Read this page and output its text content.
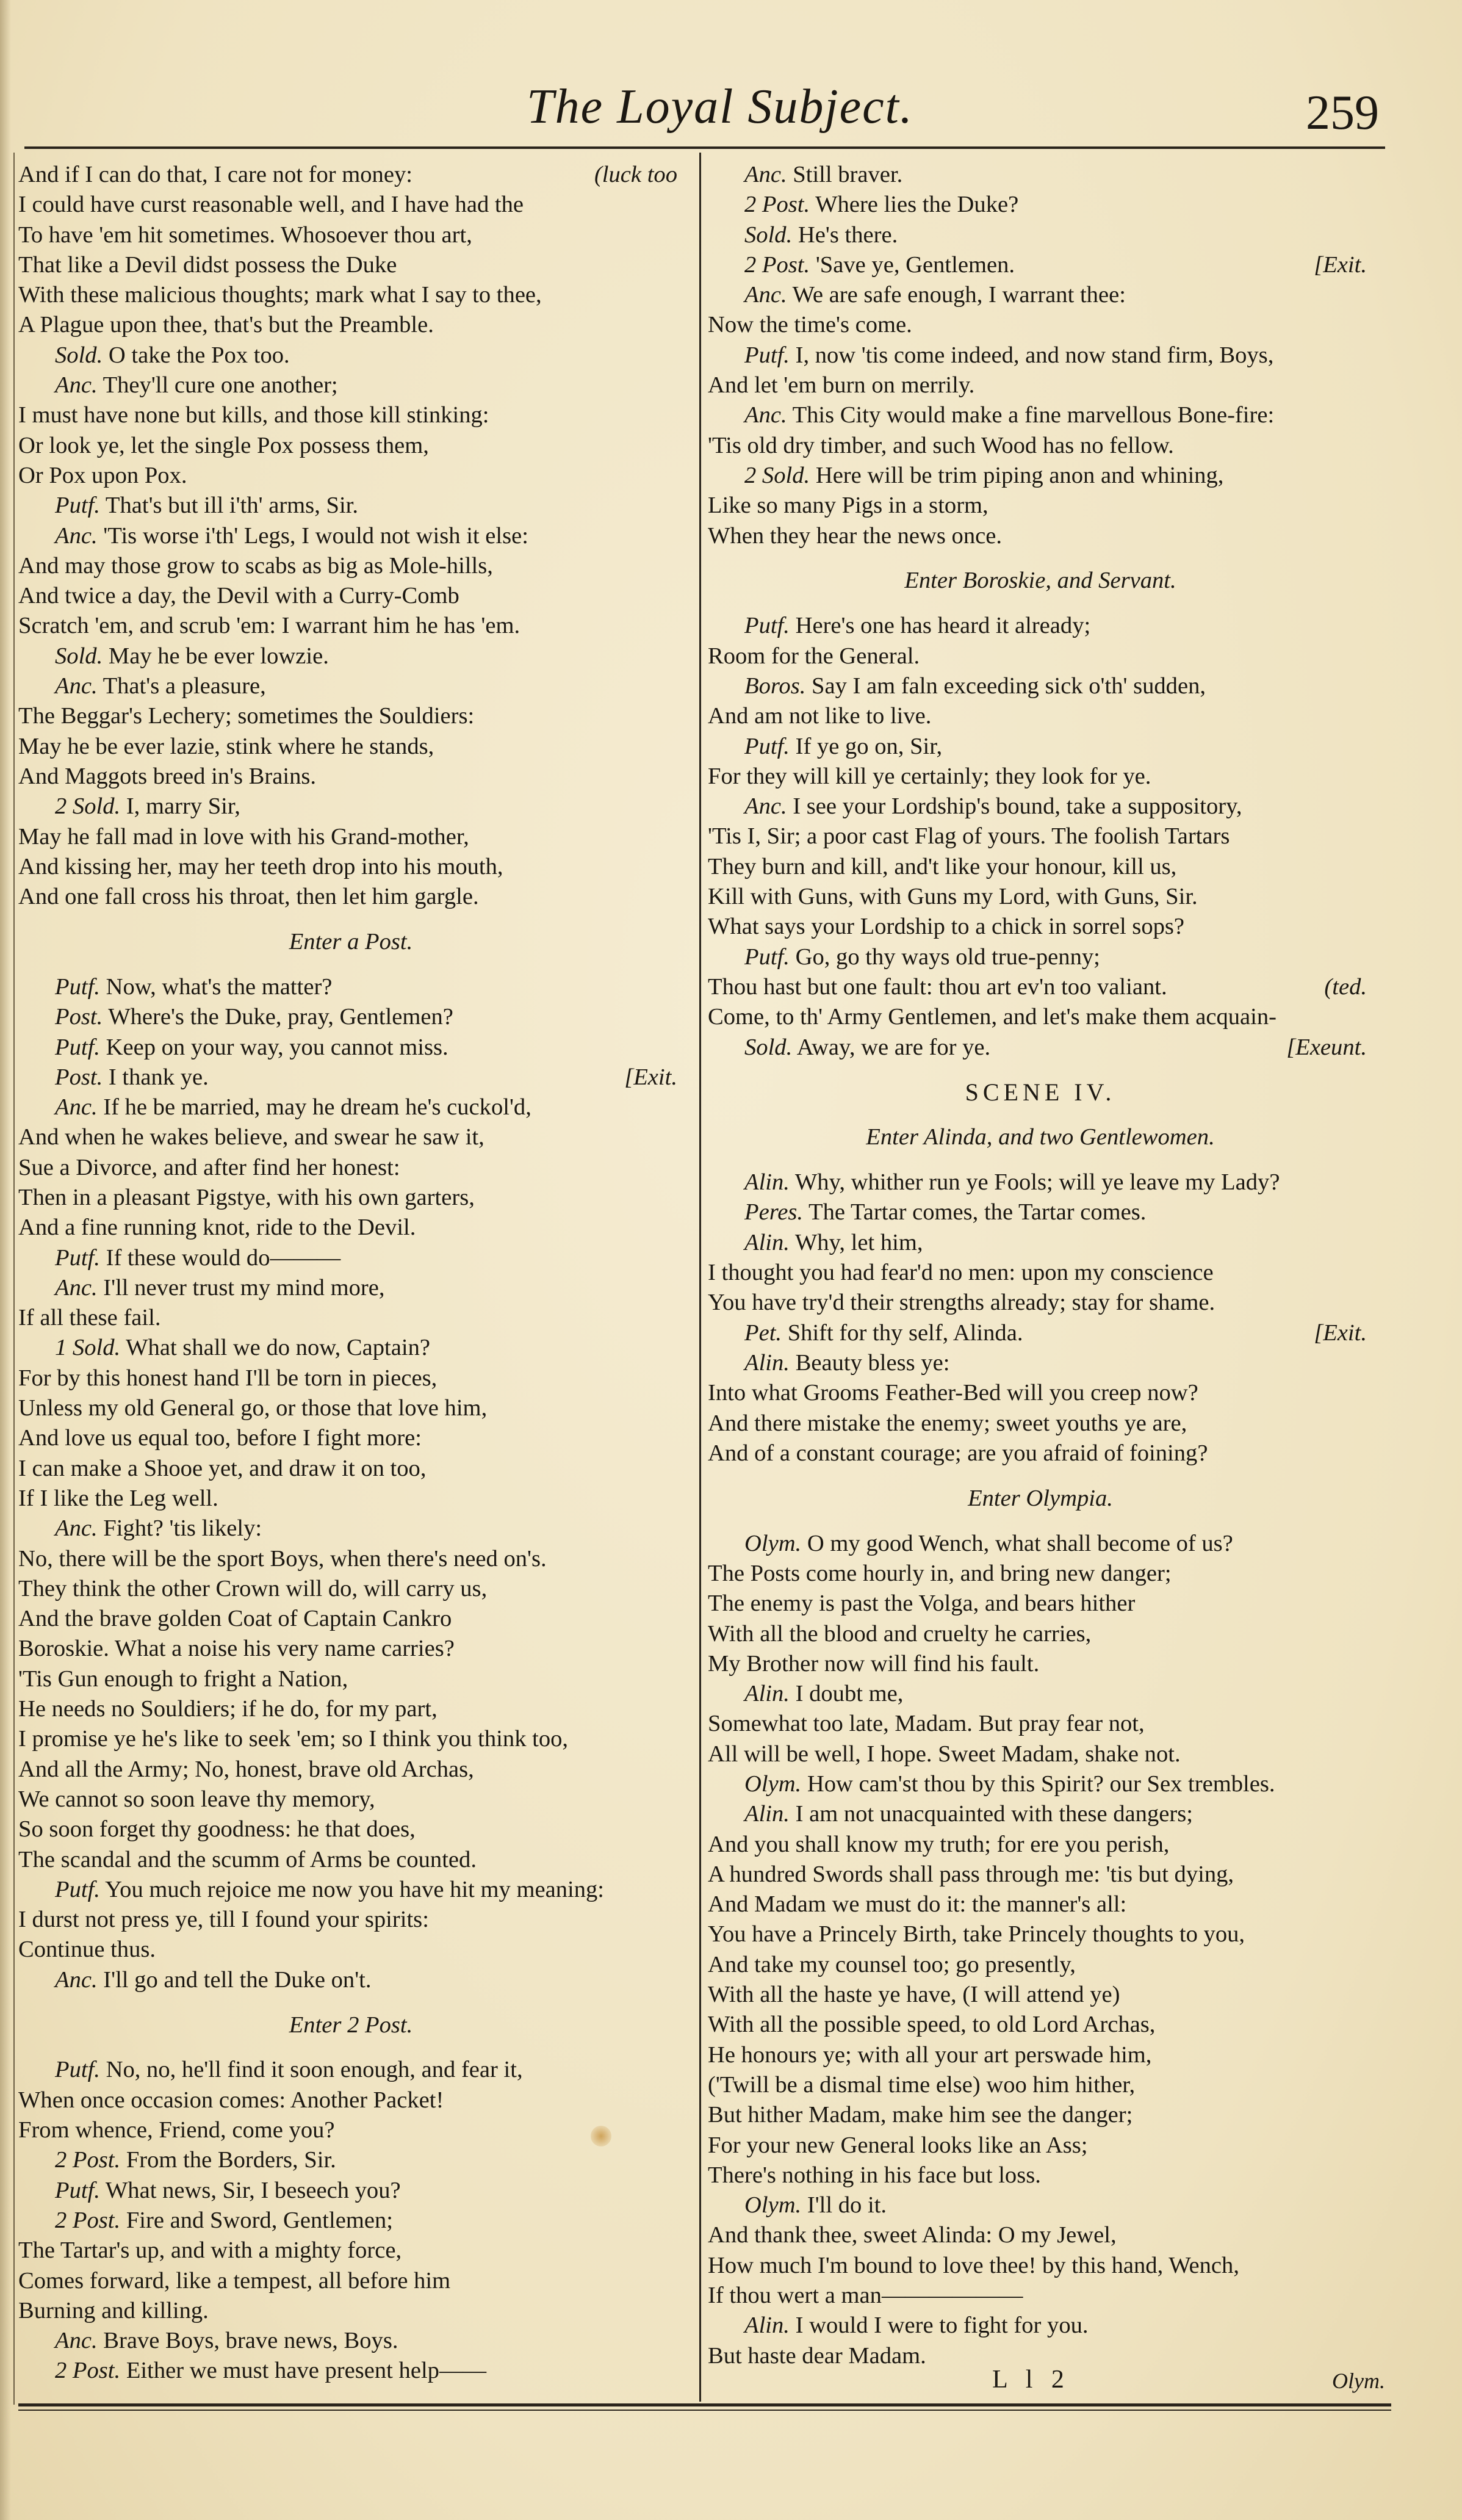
The Loyal Subject.	259
And if I can do that, I care not for money:	(luck too
I could have curst reasonable well, and I have had the
To have 'em hit sometimes. Whosoever thou art,
That like a Devil didst possess the Duke
With these malicious thoughts; mark what I say to thee,
A Plague upon thee, that's but the Preamble.
Sold. O take the Pox too.
Anc. They'll cure one another;
I must have none but kills, and those kill stinking:
Or look ye, let the single Pox possess them,
Or Pox upon Pox.
Putf. That's but ill i'th' arms, Sir.
Anc. 'Tis worse i'th' Legs, I would not wish it else:
And may those grow to scabs as big as Mole-hills,
And twice a day, the Devil with a Curry-Comb
Scratch 'em, and scrub 'em: I warrant him he has 'em.
Sold. May he be ever lowzie.
Anc. That's a pleasure,
The Beggar's Lechery; sometimes the Souldiers:
May he be ever lazie, stink where he stands,
And Maggots breed in's Brains.
2 Sold. I, marry Sir,
May he fall mad in love with his Grand-mother,
And kissing her, may her teeth drop into his mouth,
And one fall cross his throat, then let him gargle.
Enter a Post.
Putf. Now, what's the matter?
Post. Where's the Duke, pray, Gentlemen?
Putf. Keep on your way, you cannot miss.
Post. I thank ye.	[Exit.
Anc. If he be married, may he dream he's cuckol'd,
And when he wakes believe, and swear he saw it,
Sue a Divorce, and after find her honest:
Then in a pleasant Pigstye, with his own garters,
And a fine running knot, ride to the Devil.
Putf. If these would do———
Anc. I'll never trust my mind more,
If all these fail.
1 Sold. What shall we do now, Captain?
For by this honest hand I'll be torn in pieces,
Unless my old General go, or those that love him,
And love us equal too, before I fight more:
I can make a Shooe yet, and draw it on too,
If I like the Leg well.
Anc. Fight? 'tis likely:
No, there will be the sport Boys, when there's need on's.
They think the other Crown will do, will carry us,
And the brave golden Coat of Captain Cankro
Boroskie. What a noise his very name carries?
'Tis Gun enough to fright a Nation,
He needs no Souldiers; if he do, for my part,
I promise ye he's like to seek 'em; so I think you think too,
And all the Army; No, honest, brave old Archas,
We cannot so soon leave thy memory,
So soon forget thy goodness: he that does,
The scandal and the scumm of Arms be counted.
Putf. You much rejoice me now you have hit my meaning:
I durst not press ye, till I found your spirits:
Continue thus.
Anc. I'll go and tell the Duke on't.
Enter 2 Post.
Putf. No, no, he'll find it soon enough, and fear it,
When once occasion comes: Another Packet!
From whence, Friend, come you?
2 Post. From the Borders, Sir.
Putf. What news, Sir, I beseech you?
2 Post. Fire and Sword, Gentlemen;
The Tartar's up, and with a mighty force,
Comes forward, like a tempest, all before him
Burning and killing.
Anc. Brave Boys, brave news, Boys.
2 Post. Either we must have present help——
Anc. Still braver.
2 Post. Where lies the Duke?
Sold. He's there.
2 Post. 'Save ye, Gentlemen.	[Exit.
Anc. We are safe enough, I warrant thee:
Now the time's come.
Putf. I, now 'tis come indeed, and now stand firm, Boys,
And let 'em burn on merrily.
Anc. This City would make a fine marvellous Bone-fire:
'Tis old dry timber, and such Wood has no fellow.
2 Sold. Here will be trim piping anon and whining,
Like so many Pigs in a storm,
When they hear the news once.
Enter Boroskie, and Servant.
Putf. Here's one has heard it already;
Room for the General.
Boros. Say I am faln exceeding sick o'th' sudden,
And am not like to live.
Putf. If ye go on, Sir,
For they will kill ye certainly; they look for ye.
Anc. I see your Lordship's bound, take a suppository,
'Tis I, Sir; a poor cast Flag of yours. The foolish Tartars
They burn and kill, and't like your honour, kill us,
Kill with Guns, with Guns my Lord, with Guns, Sir.
What says your Lordship to a chick in sorrel sops?
Putf. Go, go thy ways old true-penny;
Thou hast but one fault: thou art ev'n too valiant.	(ted.
Come, to th' Army Gentlemen, and let's make them acquain-
Sold. Away, we are for ye.	[Exeunt.
SCENE IV.
Enter Alinda, and two Gentlewomen.
Alin. Why, whither run ye Fools; will ye leave my Lady?
Peres. The Tartar comes, the Tartar comes.
Alin. Why, let him,
I thought you had fear'd no men: upon my conscience
You have try'd their strengths already; stay for shame.
Pet. Shift for thy self, Alinda.	[Exit.
Alin. Beauty bless ye:
Into what Grooms Feather-Bed will you creep now?
And there mistake the enemy; sweet youths ye are,
And of a constant courage; are you afraid of foining?
Enter Olympia.
Olym. O my good Wench, what shall become of us?
The Posts come hourly in, and bring new danger;
The enemy is past the Volga, and bears hither
With all the blood and cruelty he carries,
My Brother now will find his fault.
Alin. I doubt me,
Somewhat too late, Madam. But pray fear not,
All will be well, I hope. Sweet Madam, shake not.
Olym. How cam'st thou by this Spirit? our Sex trembles.
Alin. I am not unacquainted with these dangers;
And you shall know my truth; for ere you perish,
A hundred Swords shall pass through me: 'tis but dying,
And Madam we must do it: the manner's all:
You have a Princely Birth, take Princely thoughts to you,
And take my counsel too; go presently,
With all the haste ye have, (I will attend ye)
With all the possible speed, to old Lord Archas,
He honours ye; with all your art perswade him,
('Twill be a dismal time else) woo him hither,
But hither Madam, make him see the danger;
For your new General looks like an Ass;
There's nothing in his face but loss.
Olym. I'll do it.
And thank thee, sweet Alinda: O my Jewel,
How much I'm bound to love thee! by this hand, Wench,
If thou wert a man——————
Alin. I would I were to fight for you.
But haste dear Madam.
L l 2	Olym.
